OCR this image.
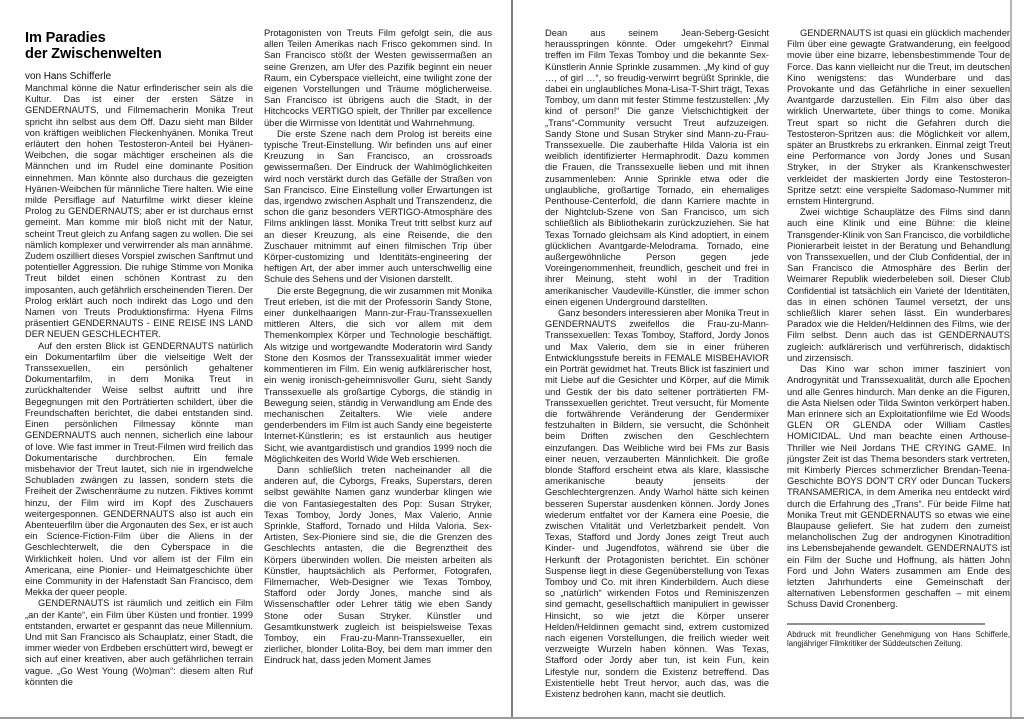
Im Paradies
der Zwischenwelten
von Hans Schifferle

Manchmal könne die Natur erfinderischer sein als die Kultur. Das ist einer der ersten Sätze in GENDERNAUTS, und Filmemacherin Monika Treut spricht ihn selbst aus dem Off. Dazu sieht man Bilder von kräftigen weiblichen Fleckenhyänen. Monika Treut erläutert den hohen Testosteron-Anteil bei Hyänen-Weibchen, die sogar mächtiger erscheinen als die Männchen und im Rudel eine dominante Position einnehmen. Man könnte also durchaus die gezeigten Hyänen-Weibchen für männliche Tiere halten. Wie eine milde Persiflage auf Naturfilme wirkt dieser kleine Prolog zu GENDERNAUTS; aber er ist durchaus ernst gemeint. Man komme mir bloß nicht mit der Natur, scheint Treut gleich zu Anfang sagen zu wollen. Die sei nämlich komplexer und verwirrender als man annähme. Zudem oszilliert dieses Vorspiel zwischen Sanftmut und potentieller Aggression. Die ruhige Stimme von Monika Treut bildet einen schönen Kontrast zu den imposanten, auch gefährlich erscheinenden Tieren. Der Prolog erklärt auch noch indirekt das Logo und den Namen von Treuts Produktionsfirma: Hyena Films präsentiert GENDERNAUTS - EINE REISE INS LAND DER NEUEN GESCHLECHTER.

Auf den ersten Blick ist GENDERNAUTS natürlich ein Dokumentarfilm über die vielseitige Welt der Transsexuellen, ein persönlich gehaltener Dokumentarfilm, in dem Monika Treut in zurückhaltender Weise selbst auftritt und ihre Begegnungen mit den Porträtierten schildert, über die Freundschaften berichtet, die dabei entstanden sind. Einen persönlichen Filmessay könnte man GENDERNAUTS auch nennen, sicherlich eine labour of love. Wie fast immer in Treut-Filmen wird freilich das Dokumentarische durchbrochen. Ein female misbehavior der Treut lautet, sich nie in irgendwelche Schubladen zwängen zu lassen, sondern stets die Freiheit der Zwischenräume zu nutzen. Fiktives kommt hinzu, der Film wird im Kopf des Zuschauers weitergesponnen. GENDERNAUTS also ist auch ein Abenteuerfilm über die Argonauten des Sex, er ist auch ein Science-Fiction-Film über die Aliens in der Geschlechterwelt, die den Cyberspace in die Wirklichkeit holen. Und vor allem ist der Film ein Americana, eine Pionier- und Heimatgeschichte über eine Community in der Hafenstadt San Francisco, dem Mekka der queer people.

GENDERNAUTS ist räumlich und zeitlich ein Film „an der Kante“, ein Film über Küsten und frontier. 1999 entstanden, erwartet er gespannt das neue Millennium. Und mit San Francisco als Schauplatz, einer Stadt, die immer wieder von Erdbeben erschüttert wird, bewegt er sich auf einer kreativen, aber auch gefährlichen terrain vague. „Go West Young (Wo)man“: diesem alten Ruf könnten die

Protagonisten von Treuts Film gefolgt sein, die aus allen Teilen Amerikas nach Frisco gekommen sind. In San Francisco stößt der Westen gewissermaßen an seine Grenzen, am Ufer des Pazifik beginnt ein neuer Raum, ein Cyberspace vielleicht, eine twilight zone der eigenen Vorstellungen und Träume möglicherweise. San Francisco ist übrigens auch die Stadt, in der Hitchcocks VERTIGO spielt, der Thriller par excellence über die Wirrnisse von Identität und Wahrnehmung.

Die erste Szene nach dem Prolog ist bereits eine typische Treut-Einstellung. Wir befinden uns auf einer Kreuzung in San Francisco, an crossroads gewissermaßen. Der Eindruck der Wahlmöglichkeiten wird noch verstärkt durch das Gefälle der Straßen von San Francisco. Eine Einstellung voller Erwartungen ist das, irgendwo zwischen Asphalt und Transzendenz, die schon die ganz besonders VERTIGO-Atmosphäre des Films anklingen lässt. Monika Treut tritt selbst kurz auf an dieser Kreuzung, als eine Reisende, die den Zuschauer mitnimmt auf einen filmischen Trip über Körper-customizing und Identitäts-engineering der heftigen Art, der aber immer auch unterschwellig eine Schule des Sehens und der Visionen darstellt.

Die erste Begegnung, die wir zusammen mit Monika Treut erleben, ist die mit der Professorin Sandy Stone, einer dunkelhaarigen Mann-zur-Frau-Transsexuellen mittleren Alters, die sich vor allem mit dem Themenkomplex Körper und Technologie beschäftigt. Als witzige und wortgewandte Moderatorin wird Sandy Stone den Kosmos der Transsexualität immer wieder kommentieren im Film. Ein wenig aufklärerischer host, ein wenig ironisch-geheimnisvoller Guru, sieht Sandy Transsexuelle als großartige Cyborgs, die ständig in Bewegung seien, ständig in Verwandlung am Ende des mechanischen Zeitalters. Wie viele andere genderbenders im Film ist auch Sandy eine begeisterte Internet-Künstlerin; es ist erstaunlich aus heutiger Sicht, wie avantgardistisch und grandios 1999 noch die Möglichkeiten des World Wide Web erschienen.

Dann schließlich treten nacheinander all die anderen auf, die Cyborgs, Freaks, Superstars, deren selbst gewählte Namen ganz wunderbar klingen wie die von Fantasiegestalten des Pop: Susan Stryker, Texas Tomboy, Jordy Jones, Max Valerio, Annie Sprinkle, Stafford, Tornado und Hilda Valoria. Sex-Artisten, Sex-Pioniere sind sie, die die Grenzen des Geschlechts antasten, die die Begrenztheit des Körpers überwinden wollen. Die meisten arbeiten als Künstler, hauptsächlich als Performer, Fotografen, Filmemacher, Web-Designer wie Texas Tomboy, Stafford oder Jordy Jones, manche sind als Wissenschaftler oder Lehrer tätig wie eben Sandy Stone oder Susan Stryker. Künstler und Gesamtkunstwerk zugleich ist beispielsweise Texas Tomboy, ein Frau-zu-Mann-Transsexueller, ein zierlicher, blonder Lolita-Boy, bei dem man immer den Eindruck hat, dass jeden Moment James

Dean aus seinem Jean-Seberg-Gesicht herausspringen könnte. Oder umgekehrt? Einmal treffen im Film Texas Tomboy und die bekannte Sex-Künstlerin Annie Sprinkle zusammen. „My kind of guy …, of girl …“, so freudig-verwirrt begrüßt Sprinkle, die dabei ein unglaubliches Mona-Lisa-T-Shirt trägt, Texas Tomboy, um dann mit fester Stimme festzustellen: „My kind of person!“ Die ganze Vielschichtigkeit der „Trans“-Community versucht Treut aufzuzeigen. Sandy Stone und Susan Stryker sind Mann-zu-Frau-Transsexuelle. Die zauberhafte Hilda Valoria ist ein weiblich identifizierter Hermaphrodit. Dazu kommen die Frauen, die Transsexuelle lieben und mit ihnen zusammenleben: Annie Sprinkle etwa oder die unglaubliche, großartige Tornado, ein ehemaliges Penthouse-Centerfold, die dann Karriere machte in der Nightclub-Szene von San Francisco, um sich schließlich als Bibliothekarin zurückzuziehen. Sie hat Texas Tornado gleichsam als Kind adoptiert, in einem glücklichen Avantgarde-Melodrama. Tornado, eine außergewöhnliche Person gegen jede Voreingenommenheit, freundlich, gescheit und frei in ihrer Meinung, steht wohl in der Tradition amerikanischer Vaudeville-Künstler, die immer schon einen eigenen Underground darstellten.

Ganz besonders interessieren aber Monika Treut in GENDERNAUTS zweifellos die Frau-zu-Mann-Transsexuellen: Texas Tomboy, Stafford, Jordy Jonos und Max Valerio, dem sie in einer früheren Entwicklungsstufe bereits in FEMALE MISBEHAVIOR ein Porträt gewidmet hat. Treuts Blick ist fasziniert und mit Liebe auf die Gesichter und Körper, auf die Mimik und Gestik der bis dato seltener porträtierten FM-Transsexuellen gerichtet. Treut versucht, für Momente die fortwährende Veränderung der Gendermixer festzuhalten in Bildern, sie versucht, die Schönheit beim Driften zwischen den Geschlechtern einzufangen. Das Weibliche wird bei FMs zur Basis einer neuen, verzauberten Männlichkeit. Die große blonde Stafford erscheint etwa als klare, klassische amerikanische beauty jenseits der Geschlechtergrenzen. Andy Warhol hätte sich keinen besseren Superstar ausdenken können. Jordy Jones wiederum entfaltet vor der Kamera eine Poesie, die zwischen Vitalität und Verletzbarkeit pendelt. Von Texas, Stafford und Jordy Jones zeigt Treut auch Kinder- und Jugendfotos, während sie über die Herkunft der Protagonisten berichtet. Ein schöner Suspense liegt in diese Gegenüberstellung von Texas Tomboy und Co. mit ihren Kinderbildern. Auch diese so „natürlich“ wirkenden Fotos und Reminiszenzen sind gemacht, gesellschaftlich manipuliert in gewisser Hinsicht, so wie jetzt die Körper unserer Helden/Heldinnen gemacht sind, extrem customized nach eigenen Vorstellungen, die freilich wieder weit verzweigte Wurzeln haben können. Was Texas, Stafford oder Jordy aber tun, ist kein Fun, kein Lifestyle nur, sondern die Existenz betreffend. Das Existentielle hebt Treut hervor, auch das, was die Existenz bedrohen kann, macht sie deutlich.

GENDERNAUTS ist quasi ein glücklich machender Film über eine gewagte Gratwanderung, ein feelgood movie über eine bizarre, lebensbestimmende Tour de Force. Das kann vielleicht nur die Treut, im deutschen Kino wenigstens: das Wunderbare und das Provokante und das Gefährliche in einer sexuellen Avantgarde darzustellen. Ein Film also über das wirklich Unerwartete, über things to come. Monika Treut spart so nicht die Gefahren durch die Testosteron-Spritzen aus: die Möglichkeit vor allem, später an Brustkrebs zu erkranken. Einmal zeigt Treut eine Performance von Jordy Jones und Susan Stryker, in der Stryker als Krankenschwester verkleidet der maskierten Jordy eine Testosteron-Spritze setzt: eine verspielte Sadomaso-Nummer mit ernstem Hintergrund.

Zwei wichtige Schauplätze des Films sind dann auch eine Klinik und eine Bühne: die kleine Transgender-Klinik von San Francisco, die vorbildliche Pionierarbeit leistet in der Beratung und Behandlung von Transsexuellen, und der Club Confidential, der in San Francisco die Atmosphäre des Berlin der Weimarer Republik wiederbeleben soll. Dieser Club Confidential ist tatsächlich ein Varieté der Identitäten, das in einen schönen Taumel versetzt, der uns schließlich klarer sehen lässt. Ein wunderbares Paradox wie die Helden/Heldinnen des Films, wie der Film selbst. Denn auch das ist GENDERNAUTS zugleich: aufklärerisch und verführerisch, didaktisch und zirzensisch.

Das Kino war schon immer fasziniert von Androgynität und Transsexualität, durch alle Epochen und alle Genres hindurch. Man denke an die Figuren, die Asta Nielsen oder Tilda Swinton verkörpert haben. Man erinnere sich an Exploitationfilme wie Ed Woods GLEN OR GLENDA oder William Castles HOMICIDAL. Und man beachte einen Arthouse-Thriller wie Neil Jordans THE CRYING GAME. In jüngster Zeit ist das Thema besonders stark vertreten, mit Kimberly Pierces schmerzlicher Brendan-Teena-Geschichte BOYS DON'T CRY oder Duncan Tuckers TRANSAMERICA, in dem Amerika neu entdeckt wird durch die Erfahrung des „Trans“. Für beide Filme hat Monika Treut mit GENDERNAUTS so etwas wie eine Blaupause geliefert. Sie hat zudem den zumeist melancholischen Zug der androgynen Kinotradition ins Lebensbejahende gewandelt. GENDERNAUTS ist ein Film der Suche und Hoffnung, als hätten John Ford und John Waters zusammen am Ende des letzten Jahrhunderts eine Gemeinschaft der alternativen Lebensformen geschaffen – mit einem Schuss David Cronenberg.

Abdruck mit freundlicher Genehmigung von Hans Schifferle, langjähriger Filmkritiker der Süddeutschen Zeitung.
